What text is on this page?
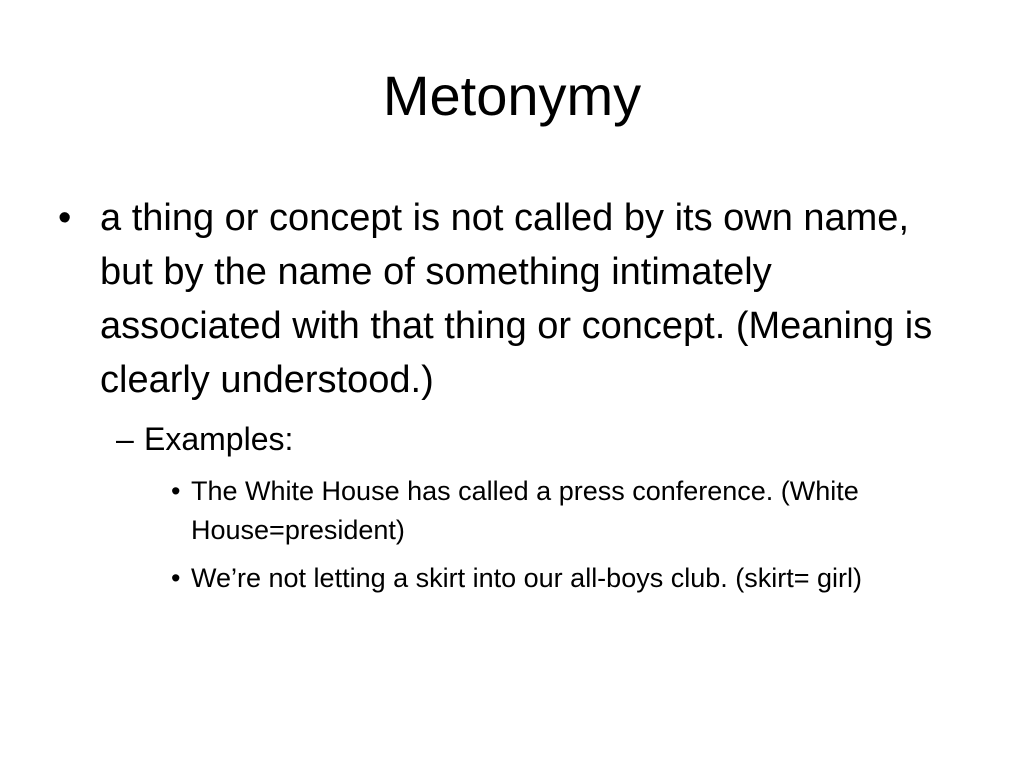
Metonymy
• a thing or concept is not called by its own name, but by the name of something intimately associated with that thing or concept. (Meaning is clearly understood.)
– Examples:
• The White House has called a press conference. (White House=president)
• We’re not letting a skirt into our all-boys club. (skirt= girl)
